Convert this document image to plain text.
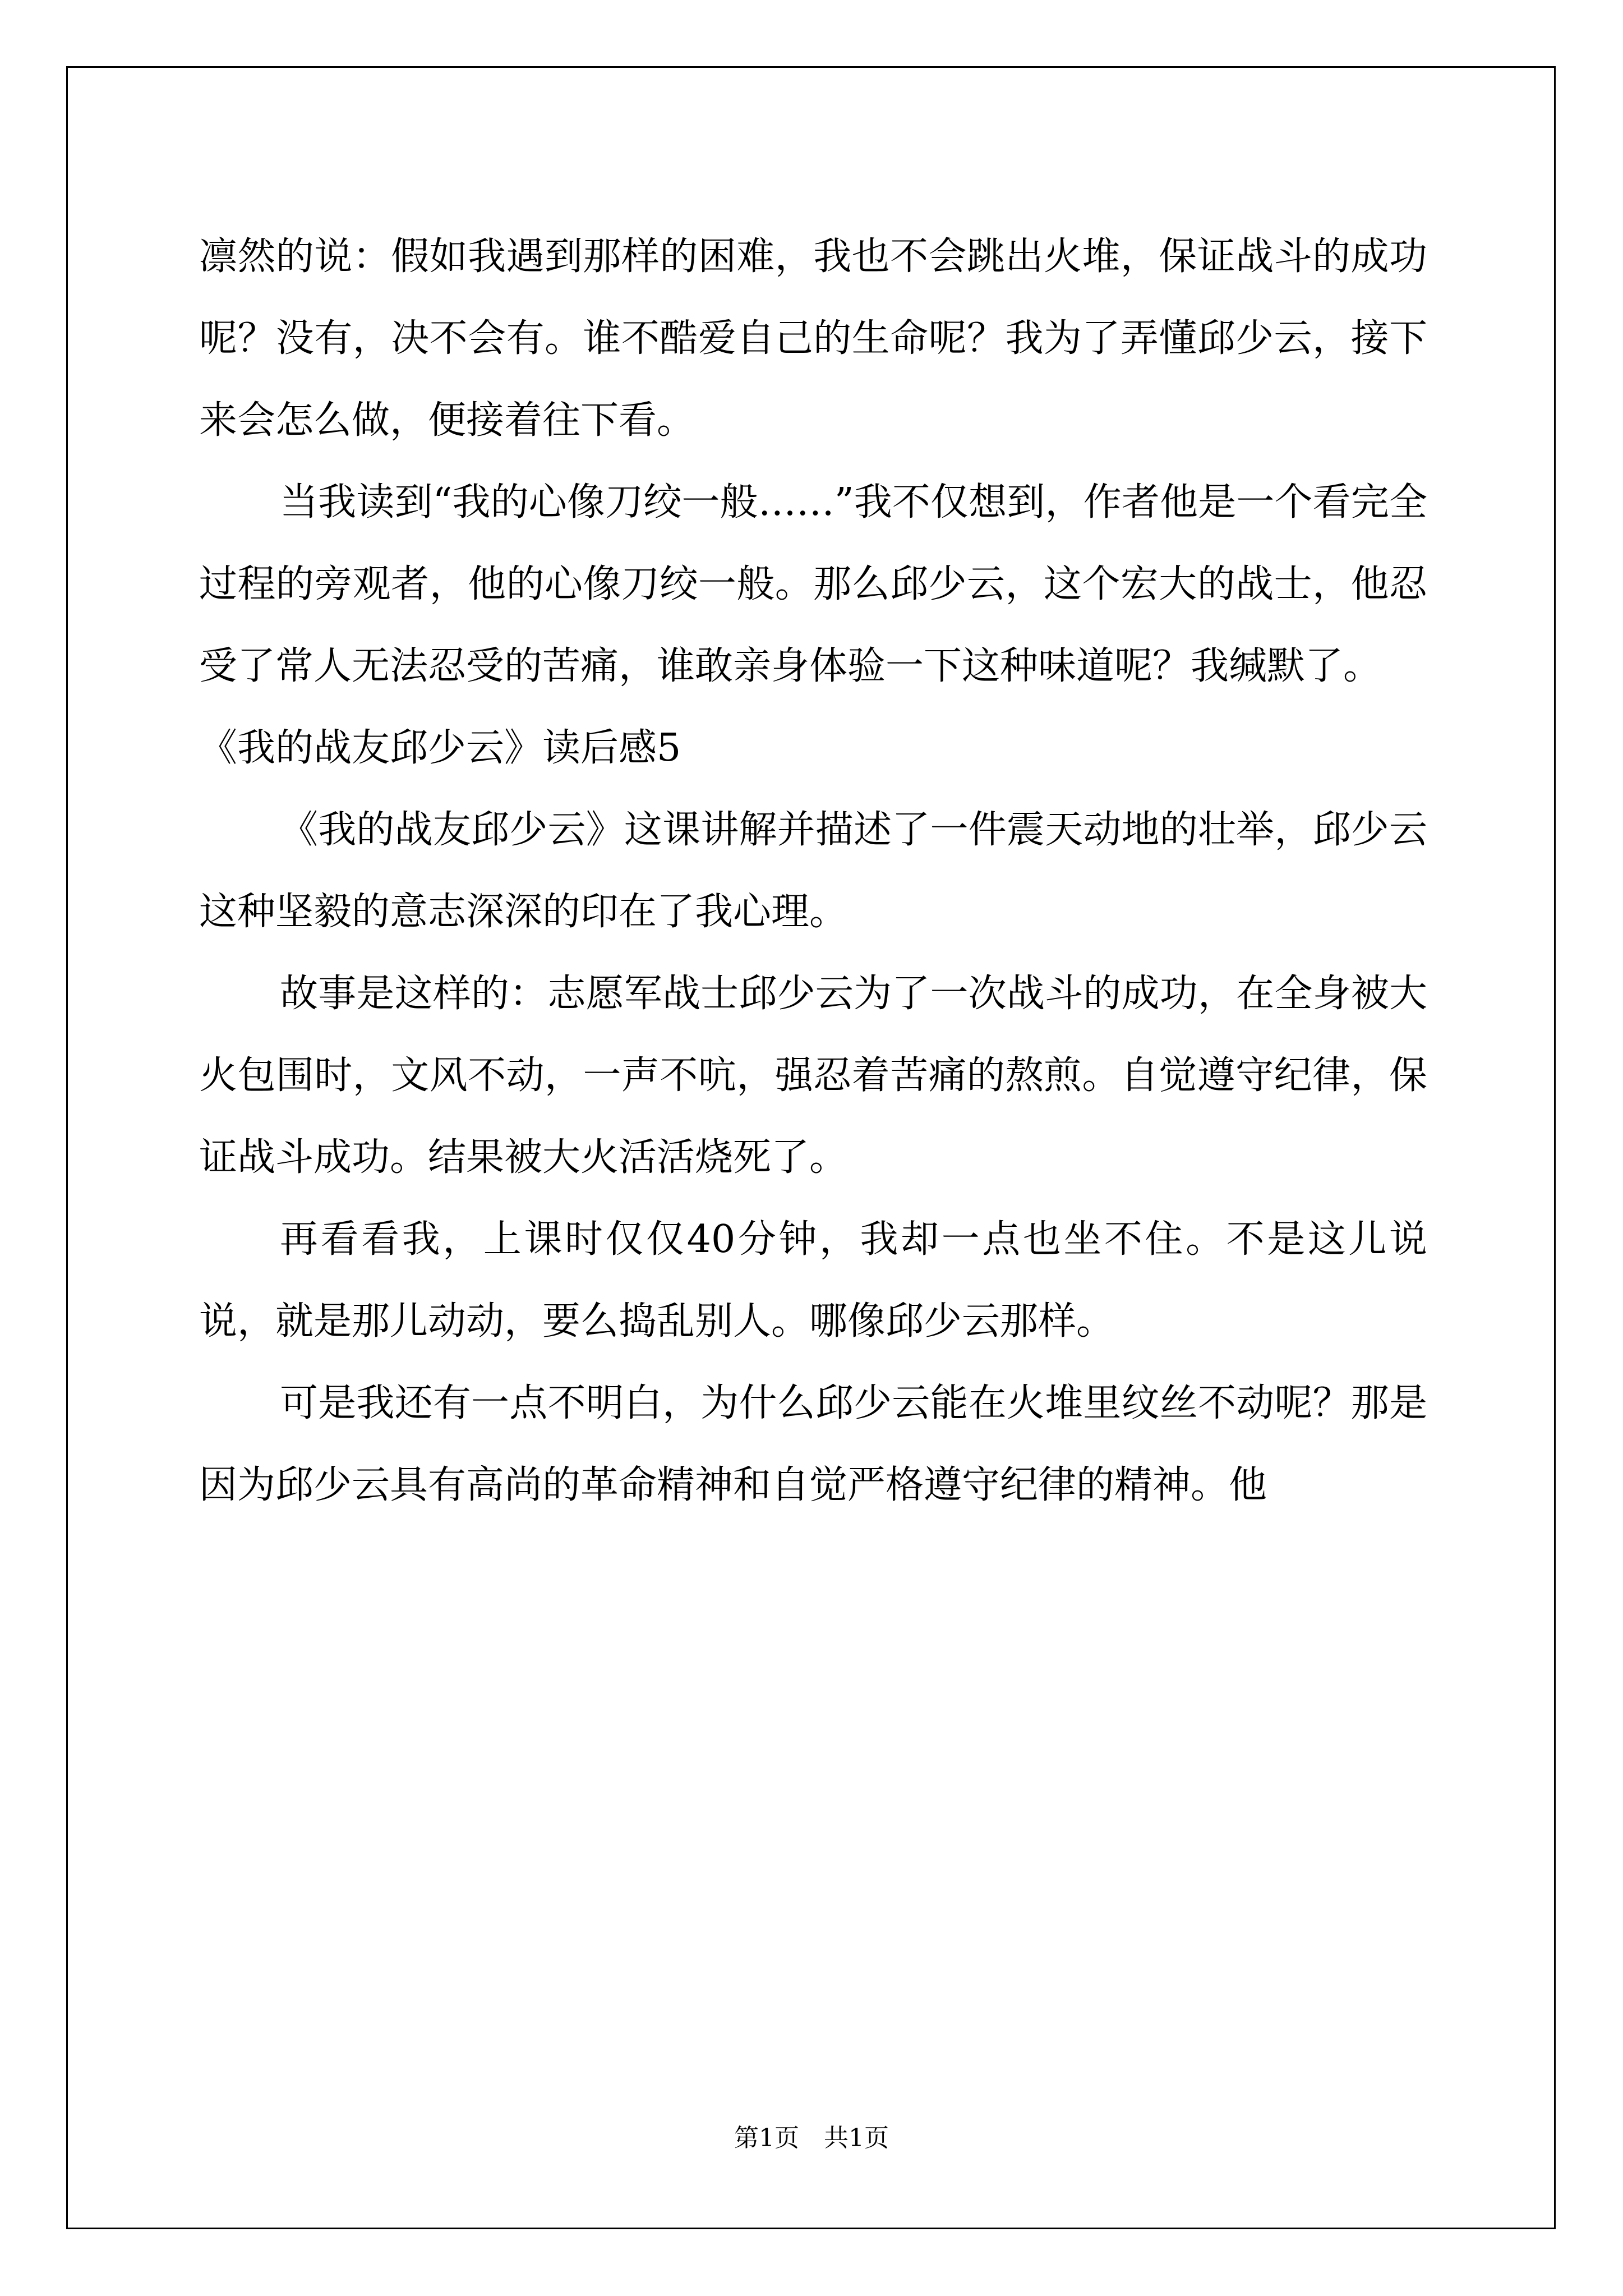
凛然的说：假如我遇到那样的困难，我也不会跳出火堆，保证战斗的成功呢？没有，决不会有。谁不酷爱自己的生命呢？我为了弄懂邱少云，接下来会怎么做，便接着往下看。

当我读到“我的心像刀绞一般……”我不仅想到，作者他是一个看完全过程的旁观者，他的心像刀绞一般。那么邱少云，这个宏大的战士，他忍受了常人无法忍受的苦痛，谁敢亲身体验一下这种味道呢？我缄默了。

《我的战友邱少云》读后感5

《我的战友邱少云》这课讲解并描述了一件震天动地的壮举，邱少云这种坚毅的意志深深的印在了我心理。

故事是这样的：志愿军战士邱少云为了一次战斗的成功，在全身被大火包围时，文风不动，一声不吭，强忍着苦痛的熬煎。自觉遵守纪律，保证战斗成功。结果被大火活活烧死了。

再看看我，上课时仅仅40分钟，我却一点也坐不住。不是这儿说说，就是那儿动动，要么捣乱别人。哪像邱少云那样。

可是我还有一点不明白，为什么邱少云能在火堆里纹丝不动呢？那是因为邱少云具有高尚的革命精神和自觉严格遵守纪律的精神。他

第1页　共1页
